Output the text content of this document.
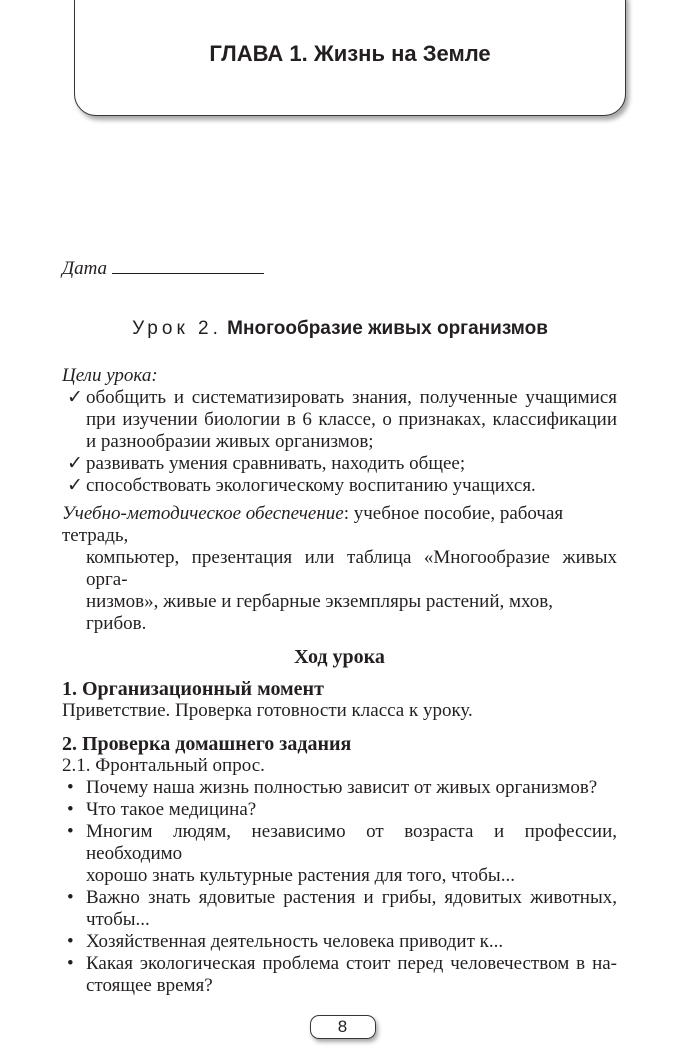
ГЛАВА 1. Жизнь на Земле
Дата
Урок 2. Многообразие живых организмов
Цели урока:
✓ обобщить и систематизировать знания, полученные учащимися
при изучении биологии в 6 классе, о признаках, классификации
и разнообразии живых организмов;
✓ развивать умения сравнивать, находить общее;
✓ способствовать экологическому воспитанию учащихся.
Учебно-методическое обеспечение: учебное пособие, рабочая тетрадь,
компьютер, презентация или таблица «Многообразие живых орга-
низмов», живые и гербарные экземпляры растений, мхов, грибов.
Ход урока
1. Организационный момент
Приветствие. Проверка готовности класса к уроку.
2. Проверка домашнего задания
2.1. Фронтальный опрос.
• Почему наша жизнь полностью зависит от живых организмов?
• Что такое медицина?
• Многим людям, независимо от возраста и профессии, необходимо
хорошо знать культурные растения для того, чтобы...
• Важно знать ядовитые растения и грибы, ядовитых животных,
чтобы...
• Хозяйственная деятельность человека приводит к...
• Какая экологическая проблема стоит перед человечеством в на-
стоящее время?
8
